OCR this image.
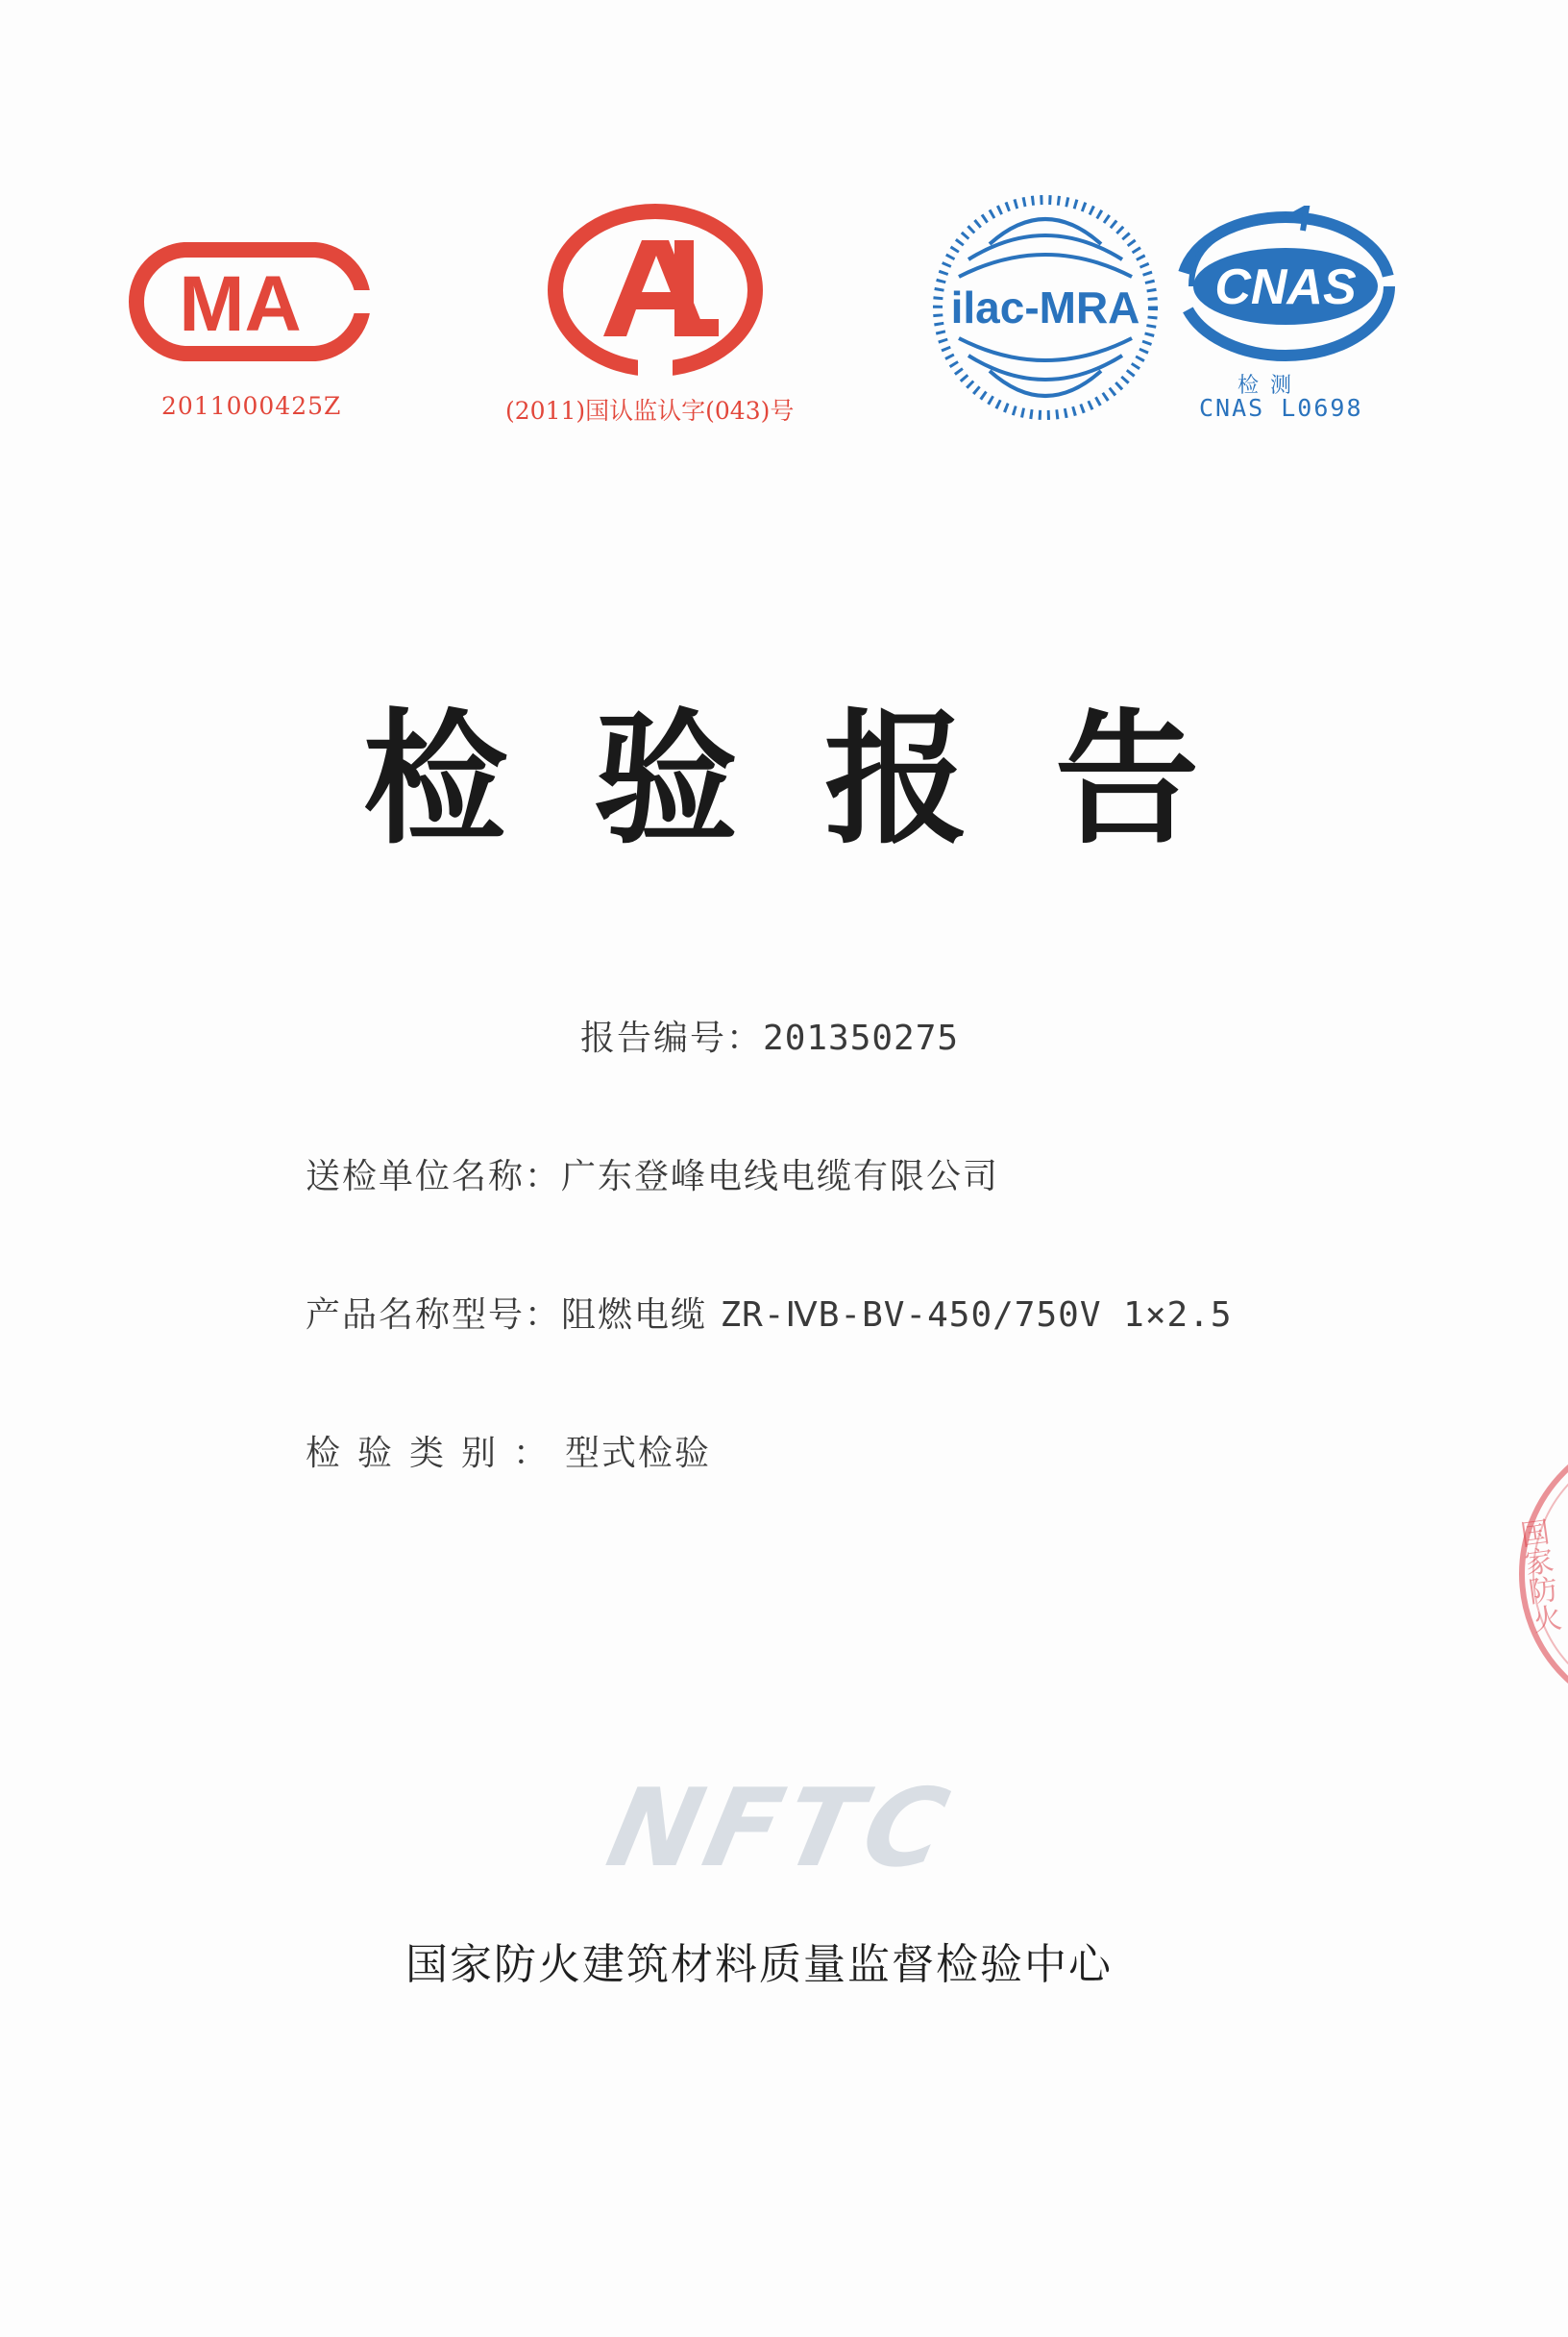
MA
2011000425Z	(2011)国认监认字(043)号
ilac-MRA CNAS
检测
CNAS L0698
检验报告
报告编号：201350275
送检单位名称：广东登峰电线电缆有限公司
产品名称型号：阻燃电缆 ZR-ⅣB-BV-450/750V 1×2.5
检验类别：型式检验
NFTC
国家防火建筑材料质量监督检验中心
国家防火
